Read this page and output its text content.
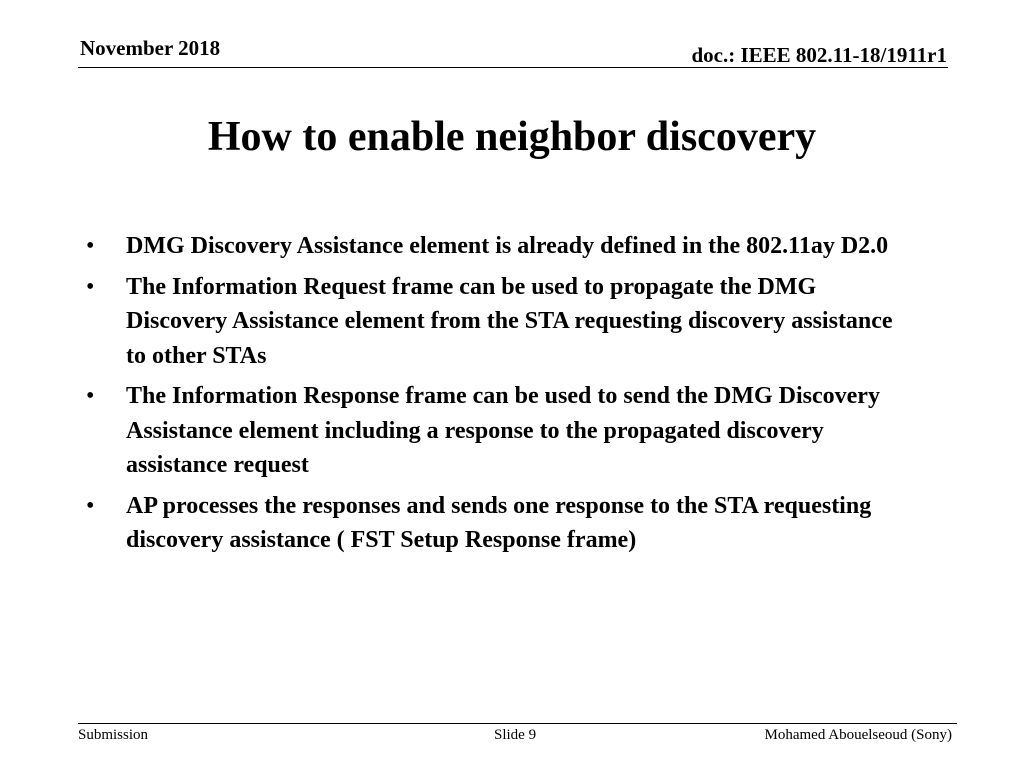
November 2018	doc.: IEEE 802.11-18/1911r1
How to enable neighbor discovery
• DMG Discovery Assistance element is already defined in the 802.11ay D2.0
• The Information Request frame can be used to propagate the DMG Discovery Assistance element from the STA requesting discovery assistance to other STAs
• The Information Response frame can be used to send the DMG Discovery Assistance element including a response to the propagated discovery assistance request
• AP processes the responses and sends one response to the STA requesting discovery assistance ( FST Setup Response frame)
Submission	Slide 9	Mohamed Abouelseoud (Sony)
